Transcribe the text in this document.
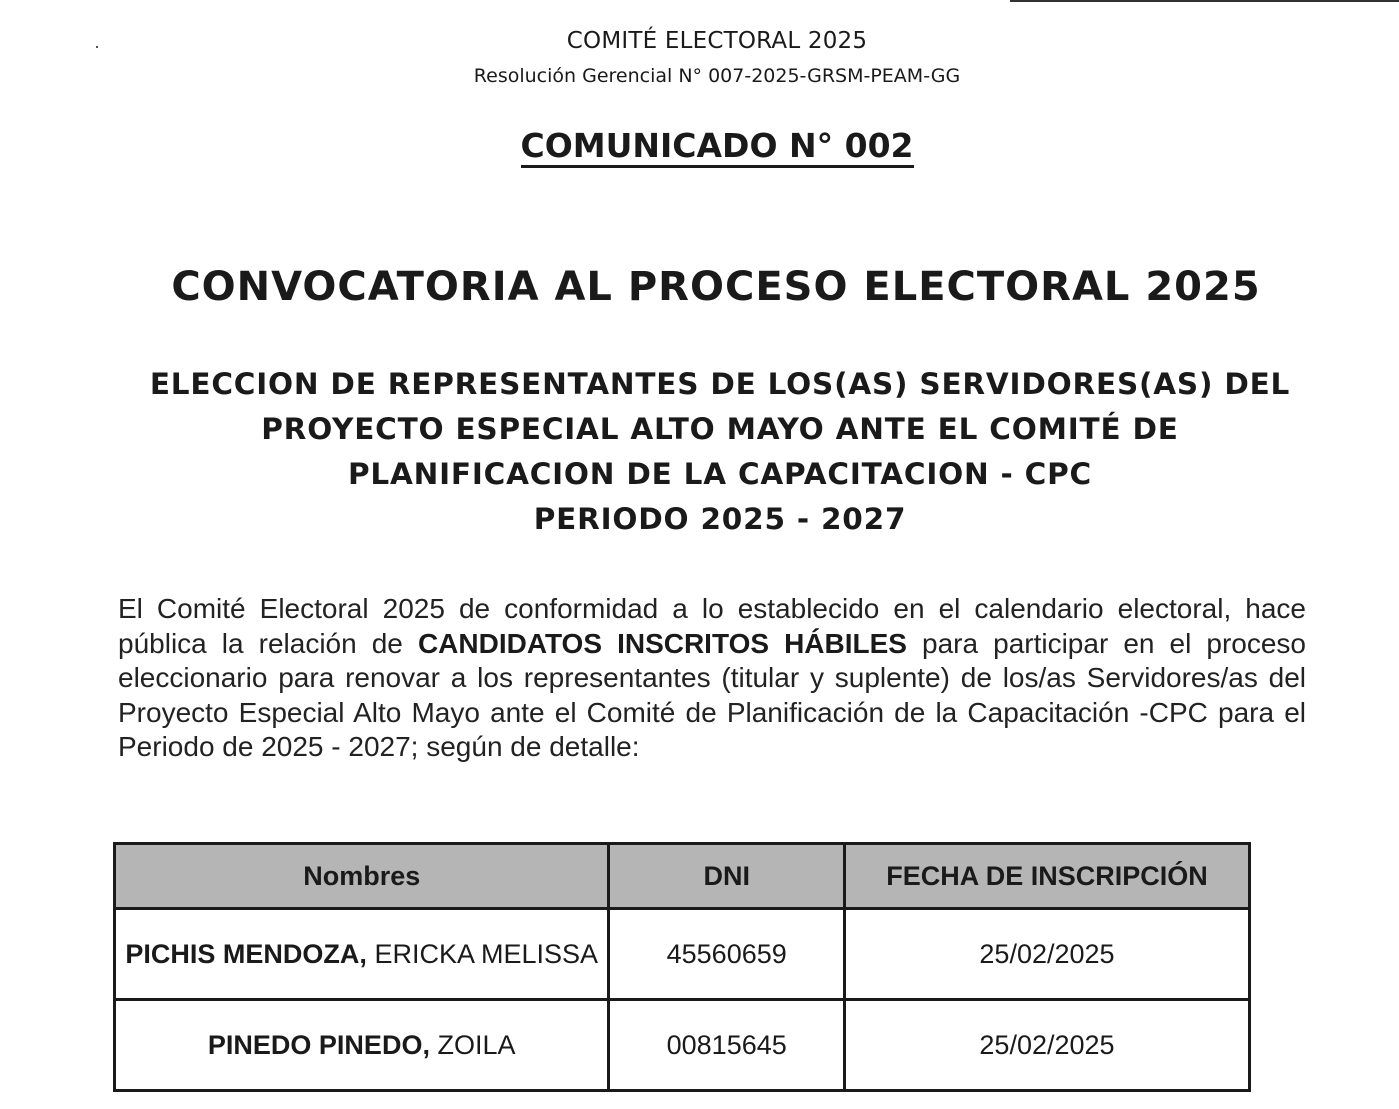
COMITÉ ELECTORAL 2025
Resolución Gerencial N° 007-2025-GRSM-PEAM-GG
COMUNICADO N° 002
CONVOCATORIA AL PROCESO ELECTORAL 2025
ELECCION DE REPRESENTANTES DE LOS(AS) SERVIDORES(AS) DEL
PROYECTO ESPECIAL ALTO MAYO ANTE EL COMITÉ DE
PLANIFICACION DE LA CAPACITACION - CPC
PERIODO 2025 - 2027
El Comité Electoral 2025 de conformidad a lo establecido en el calendario electoral, hace pública la relación de CANDIDATOS INSCRITOS HÁBILES para participar en el proceso eleccionario para renovar a los representantes (titular y suplente) de los/as Servidores/as del Proyecto Especial Alto Mayo ante el Comité de Planificación de la Capacitación -CPC para el Periodo de 2025 - 2027; según de detalle:
Nombres	DNI	FECHA DE INSCRIPCIÓN
PICHIS MENDOZA, ERICKA MELISSA	45560659	25/02/2025
PINEDO PINEDO, ZOILA	00815645	25/02/2025
